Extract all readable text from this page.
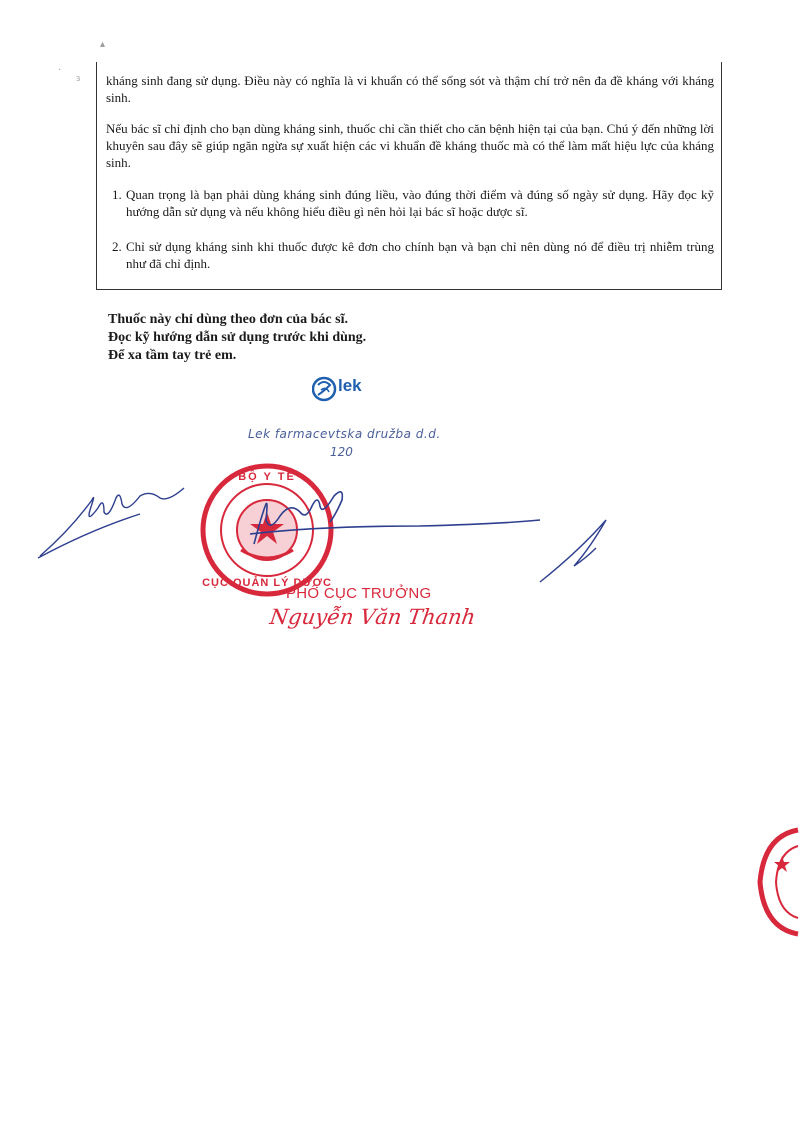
▴
·
ɜ kháng sinh đang sử dụng. Điều này có nghĩa là vi khuẩn có thể sống sót và thậm chí trở nên đa đề kháng với kháng sinh.
Nếu bác sĩ chỉ định cho bạn dùng kháng sinh, thuốc chỉ cần thiết cho căn bệnh hiện tại của bạn. Chú ý đến những lời khuyên sau đây sẽ giúp ngăn ngừa sự xuất hiện các vi khuẩn đề kháng thuốc mà có thể làm mất hiệu lực của kháng sinh.
1. Quan trọng là bạn phải dùng kháng sinh đúng liều, vào đúng thời điểm và đúng số ngày sử dụng. Hãy đọc kỹ hướng dẫn sử dụng và nếu không hiểu điều gì nên hỏi lại bác sĩ hoặc dược sĩ.
2. Chỉ sử dụng kháng sinh khi thuốc được kê đơn cho chính bạn và bạn chỉ nên dùng nó để điều trị nhiễm trùng như đã chỉ định.
Thuốc này chỉ dùng theo đơn của bác sĩ.
Đọc kỹ hướng dẫn sử dụng trước khi dùng.
Để xa tầm tay trẻ em.
lek
Lek farmacevtska družba d.d.
120
BỘ Y TẾ
CỤC QUẢN LÝ DƯỢC
PHÓ CỤC TRƯỞNG
Nguyễn Văn Thanh
